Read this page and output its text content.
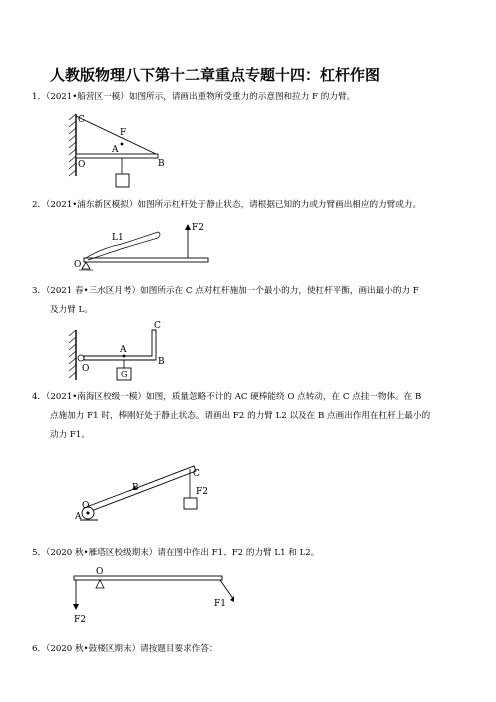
人教版物理八下第十二章重点专题十四：杠杆作图
1．（2021•船营区一模）如图所示，请画出重物所受重力的示意图和拉力 F 的力臂。
C
F
A
O	B
2．（2021•浦东新区模拟）如图所示杠杆处于静止状态，请根据已知的力或力臂画出相应的力臂或力。
L1
F2
O
3．（2021 春•三水区月考）如图所示在 C 点对杠杆施加一个最小的力，使杠杆平衡，画出最小的力 F
及力臂 L。
C
A
O
B
G
4．（2021•南海区校级一模）如图，质量忽略不计的 AC 硬棒能绕 O 点转动，在 C 点挂一物体。在 B
点施加力 F1 时，棒刚好处于静止状态。请画出 F2 的力臂 L2 以及在 B 点画出作用在杠杆上最小的
动力 F1。
C
B
O
A
F2
5．（2020 秋•雁塔区校级期末）请在图中作出 F1、F2 的力臂 L1 和 L2。
O
F1
F2
6．（2020 秋•鼓楼区期末）请按题目要求作答：
